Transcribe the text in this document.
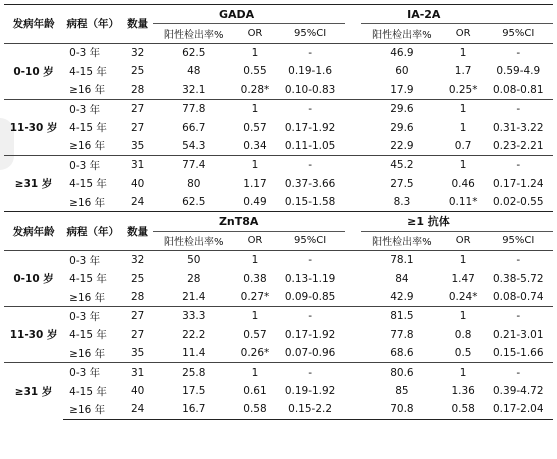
发病年龄	病程（年）	数量	GADA				IA-2A		
			阳性检出率%	OR	95%CI		阳性检出率%	OR	95%CI
0-10 岁	0-3 年	32	62.5	1	-		46.9	1	-
	4-15 年	25	48	0.55	0.19-1.6		60	1.7	0.59-4.9
	≥16 年	28	32.1	0.28*	0.10-0.83		17.9	0.25*	0.08-0.81
11-30 岁	0-3 年	27	77.8	1	-		29.6	1	-
	4-15 年	27	66.7	0.57	0.17-1.92		29.6	1	0.31-3.22
	≥16 年	35	54.3	0.34	0.11-1.05		22.9	0.7	0.23-2.21
≥31 岁	0-3 年	31	77.4	1	-		45.2	1	-
	4-15 年	40	80	1.17	0.37-3.66		27.5	0.46	0.17-1.24
	≥16 年	24	62.5	0.49	0.15-1.58		8.3	0.11*	0.02-0.55
发病年龄	病程（年）	数量	ZnT8A				≥1 抗体		
			阳性检出率%	OR	95%CI		阳性检出率%	OR	95%CI
0-10 岁	0-3 年	32	50	1	-		78.1	1	-
	4-15 年	25	28	0.38	0.13-1.19		84	1.47	0.38-5.72
	≥16 年	28	21.4	0.27*	0.09-0.85		42.9	0.24*	0.08-0.74
11-30 岁	0-3 年	27	33.3	1	-		81.5	1	-
	4-15 年	27	22.2	0.57	0.17-1.92		77.8	0.8	0.21-3.01
	≥16 年	35	11.4	0.26*	0.07-0.96		68.6	0.5	0.15-1.66
≥31 岁	0-3 年	31	25.8	1	-		80.6	1	-
	4-15 年	40	17.5	0.61	0.19-1.92		85	1.36	0.39-4.72
	≥16 年	24	16.7	0.58	0.15-2.2		70.8	0.58	0.17-2.04
